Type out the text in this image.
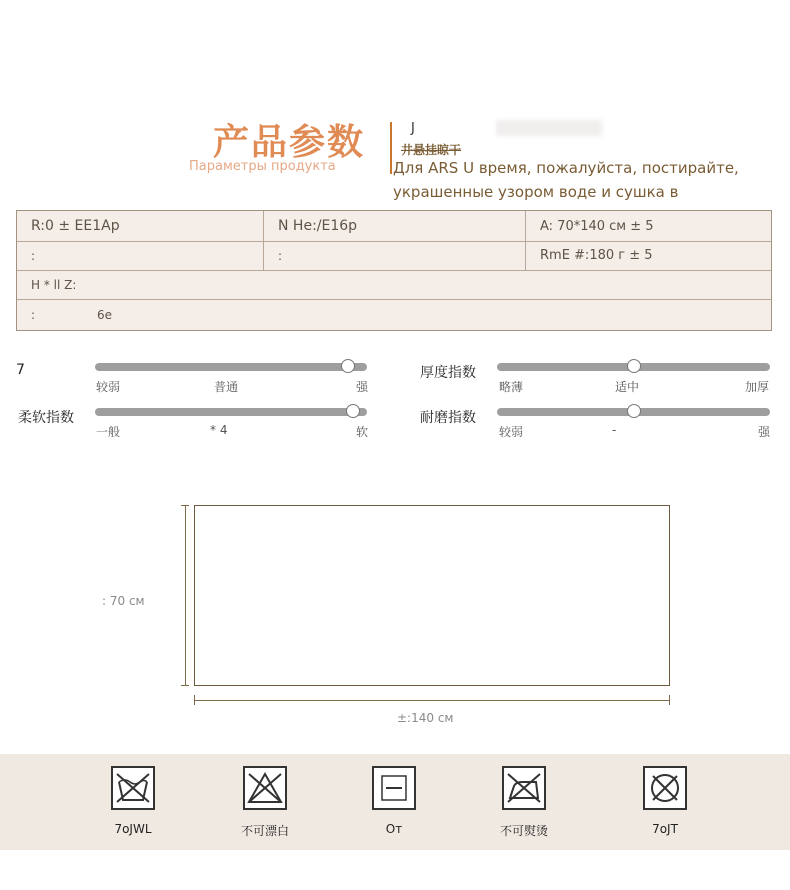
产品参数
Параметры продукта
J
井悬挂晾干
Для ARS U время, пожалуйста, постирайте, украшенные узором воде и сушка в
R:0 ± EE1Ap	N He:/E16p	A: 70*140 см ± 5
:	:	RmE #:180 г ± 5
H * ll Z:
:	6e
7
较弱	普通	强
柔软指数
一般	* 4	软
厚度指数
略薄	适中	加厚
耐磨指数
较弱	-	强
: 70 см
±:140 см
7oJWL	不可漂白	От	不可熨烫	7oJT
